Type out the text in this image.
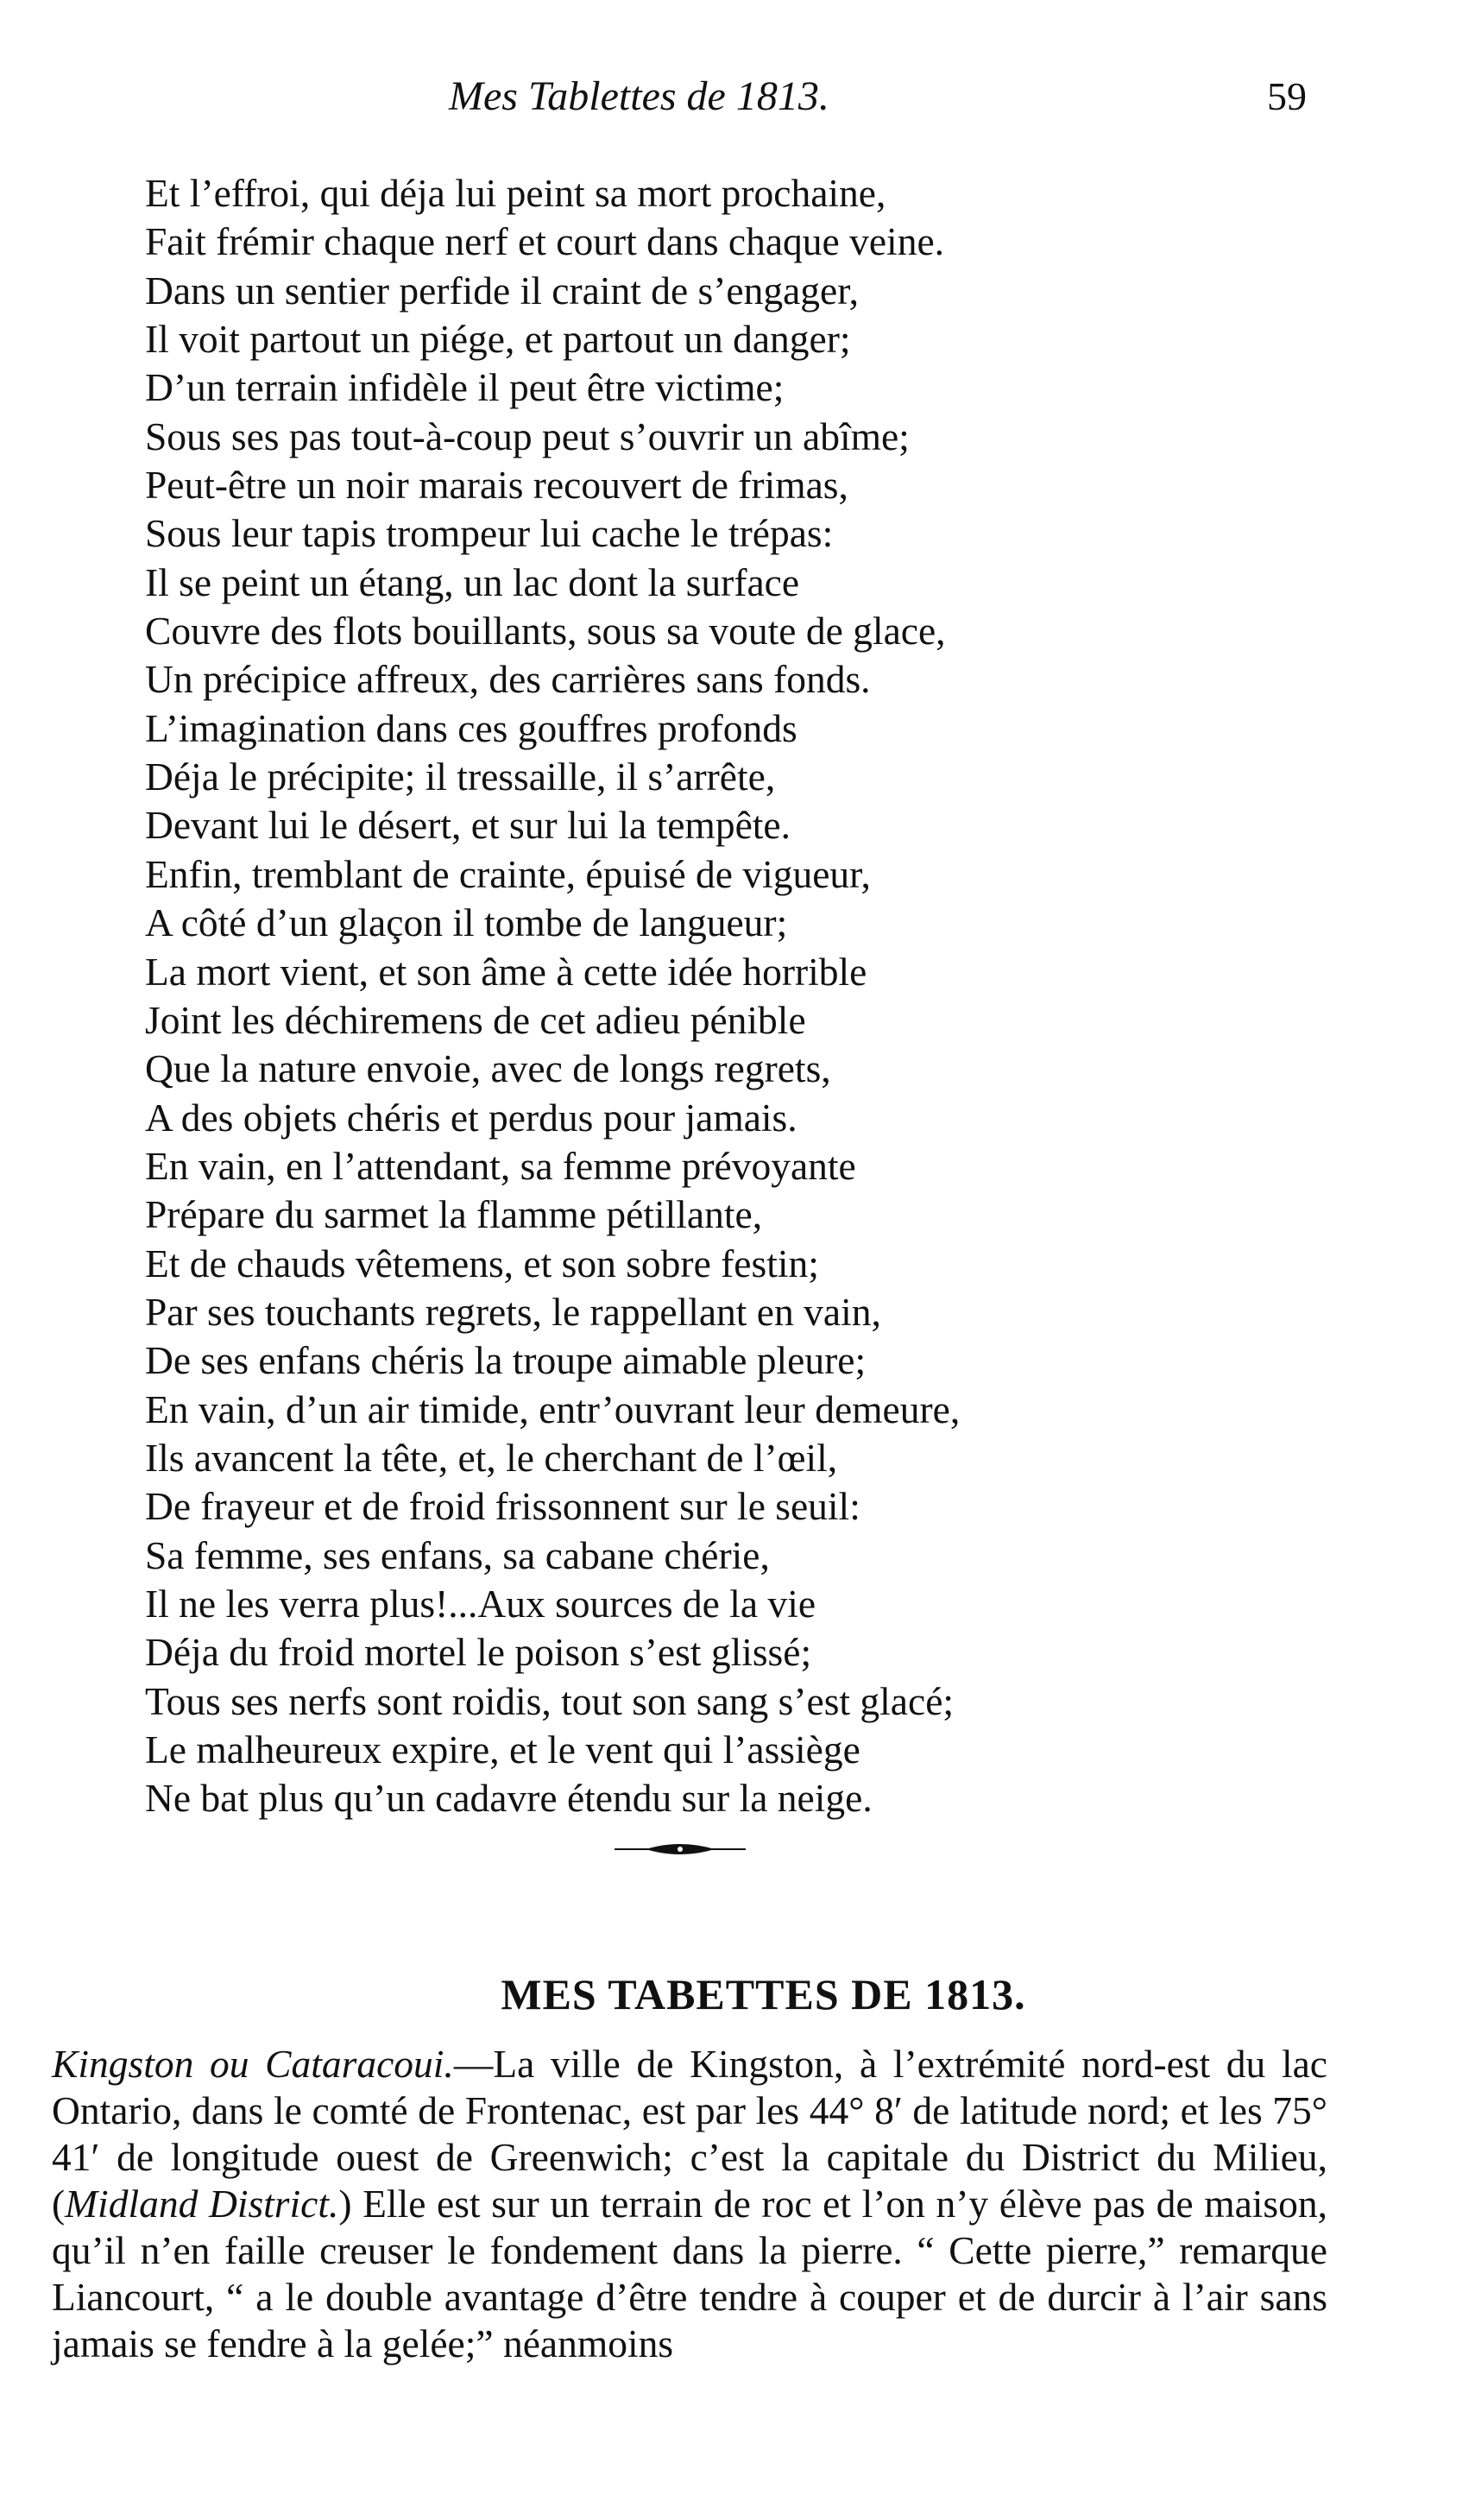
Mes Tablettes de 1813.	59
Et l’effroi, qui déja lui peint sa mort prochaine,
Fait frémir chaque nerf et court dans chaque veine.
Dans un sentier perfide il craint de s’engager,
Il voit partout un piége, et partout un danger;
D’un terrain infidèle il peut être victime;
Sous ses pas tout-à-coup peut s’ouvrir un abîme;
Peut-être un noir marais recouvert de frimas,
Sous leur tapis trompeur lui cache le trépas:
Il se peint un étang, un lac dont la surface
Couvre des flots bouillants, sous sa voute de glace,
Un précipice affreux, des carrières sans fonds.
L’imagination dans ces gouffres profonds
Déja le précipite; il tressaille, il s’arrête,
Devant lui le désert, et sur lui la tempête.
Enfin, tremblant de crainte, épuisé de vigueur,
A côté d’un glaçon il tombe de langueur;
La mort vient, et son âme à cette idée horrible
Joint les déchiremens de cet adieu pénible
Que la nature envoie, avec de longs regrets,
A des objets chéris et perdus pour jamais.
En vain, en l’attendant, sa femme prévoyante
Prépare du sarmet la flamme pétillante,
Et de chauds vêtemens, et son sobre festin;
Par ses touchants regrets, le rappellant en vain,
De ses enfans chéris la troupe aimable pleure;
En vain, d’un air timide, entr’ouvrant leur demeure,
Ils avancent la tête, et, le cherchant de l’œil,
De frayeur et de froid frissonnent sur le seuil:
Sa femme, ses enfans, sa cabane chérie,
Il ne les verra plus!...Aux sources de la vie
Déja du froid mortel le poison s’est glissé;
Tous ses nerfs sont roidis, tout son sang s’est glacé;
Le malheureux expire, et le vent qui l’assiège
Ne bat plus qu’un cadavre étendu sur la neige.
MES TABETTES DE 1813.

Kingston ou Cataracoui.—La ville de Kingston, à l’extrémité nord-est du lac Ontario, dans le comté de Frontenac, est par les 44° 8′ de latitude nord; et les 75° 41′ de longitude ouest de Greenwich; c’est la capitale du District du Milieu, (Midland District.) Elle est sur un terrain de roc et l’on n’y élève pas de maison, qu’il n’en faille creuser le fondement dans la pierre. “ Cette pierre,” remarque Liancourt, “ a le double avantage d’être tendre à couper et de durcir à l’air sans jamais se fendre à la gelée;” néanmoins
